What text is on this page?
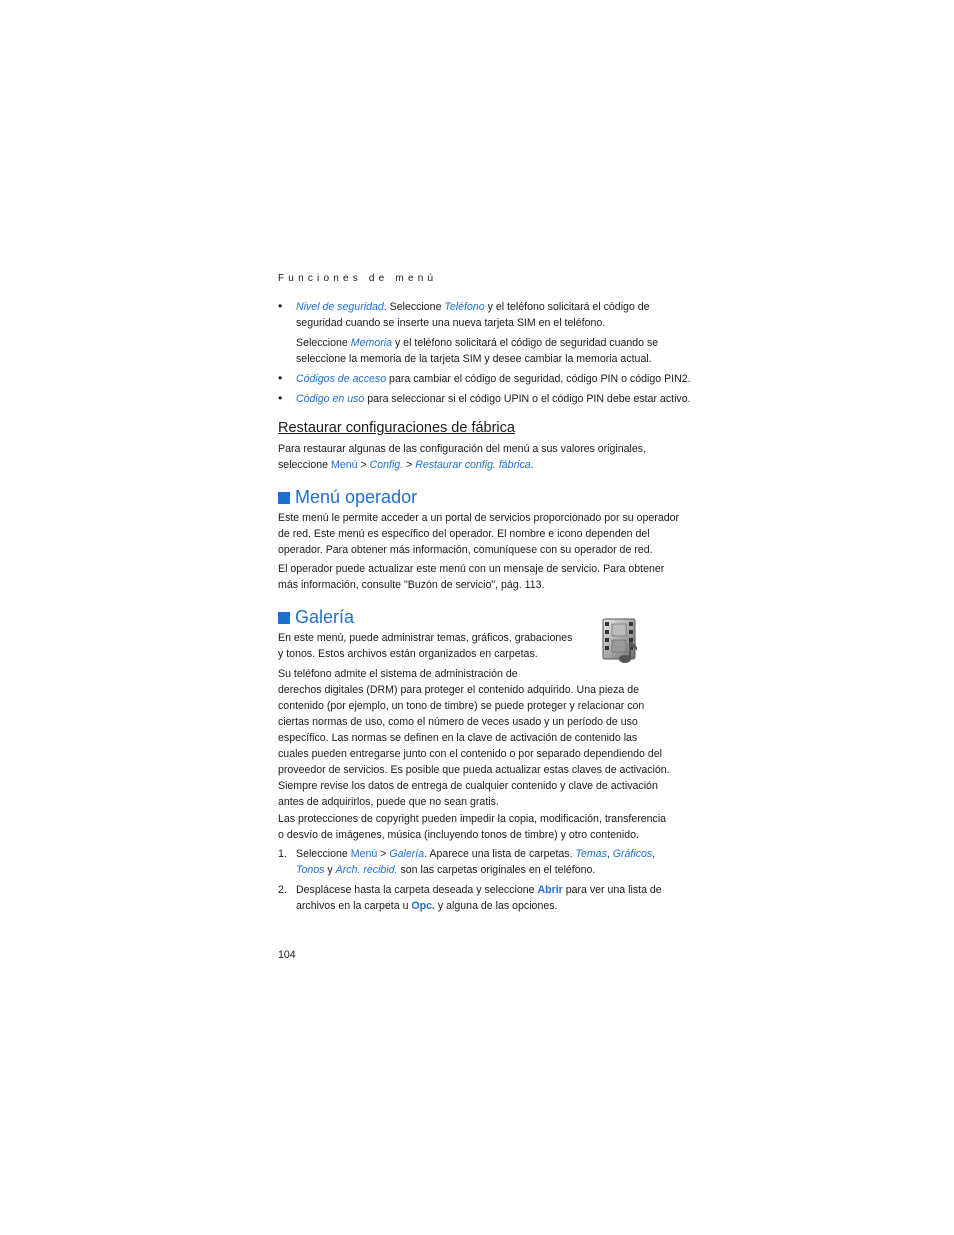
Funciones de menú
• Nivel de seguridad. Seleccione Teléfono y el teléfono solicitará el código de
seguridad cuando se inserte una nueva tarjeta SIM en el teléfono.
Seleccione Memoria y el teléfono solicitará el código de seguridad cuando se
seleccione la memoria de la tarjeta SIM y desee cambiar la memoria actual.
• Códigos de acceso para cambiar el código de seguridad, código PIN o código PIN2.
• Código en uso para seleccionar si el código UPIN o el código PIN debe estar activo.
Restaurar configuraciones de fábrica
Para restaurar algunas de las configuración del menú a sus valores originales,
seleccione Menú > Config. > Restaurar config. fábrica.
Menú operador
Este menú le permite acceder a un portal de servicios proporcionado por su operador
de red. Este menú es específico del operador. El nombre e icono dependen del
operador. Para obtener más información, comuníquese con su operador de red.
El operador puede actualizar este menú con un mensaje de servicio. Para obtener
más información, consulte "Buzón de servicio", pág. 113.
Galería
En este menú, puede administrar temas, gráficos, grabaciones
y tonos. Estos archivos están organizados en carpetas.
Su teléfono admite el sistema de administración de
derechos digitales (DRM) para proteger el contenido adquirido. Una pieza de
contenido (por ejemplo, un tono de timbre) se puede proteger y relacionar con
ciertas normas de uso, como el número de veces usado y un período de uso
específico. Las normas se definen en la clave de activación de contenido las
cuales pueden entregarse junto con el contenido o por separado dependiendo del
proveedor de servicios. Es posible que pueda actualizar estas claves de activación.
Siempre revise los datos de entrega de cualquier contenido y clave de activación
antes de adquirirlos, puede que no sean gratis.
Las protecciones de copyright pueden impedir la copia, modificación, transferencia
o desvío de imágenes, música (incluyendo tonos de timbre) y otro contenido.
1. Seleccione Menú > Galería. Aparece una lista de carpetas. Temas, Gráficos,
Tonos y Arch. recibid. son las carpetas originales en el teléfono.
2. Desplácese hasta la carpeta deseada y seleccione Abrir para ver una lista de
archivos en la carpeta u Opc. y alguna de las opciones.
104
